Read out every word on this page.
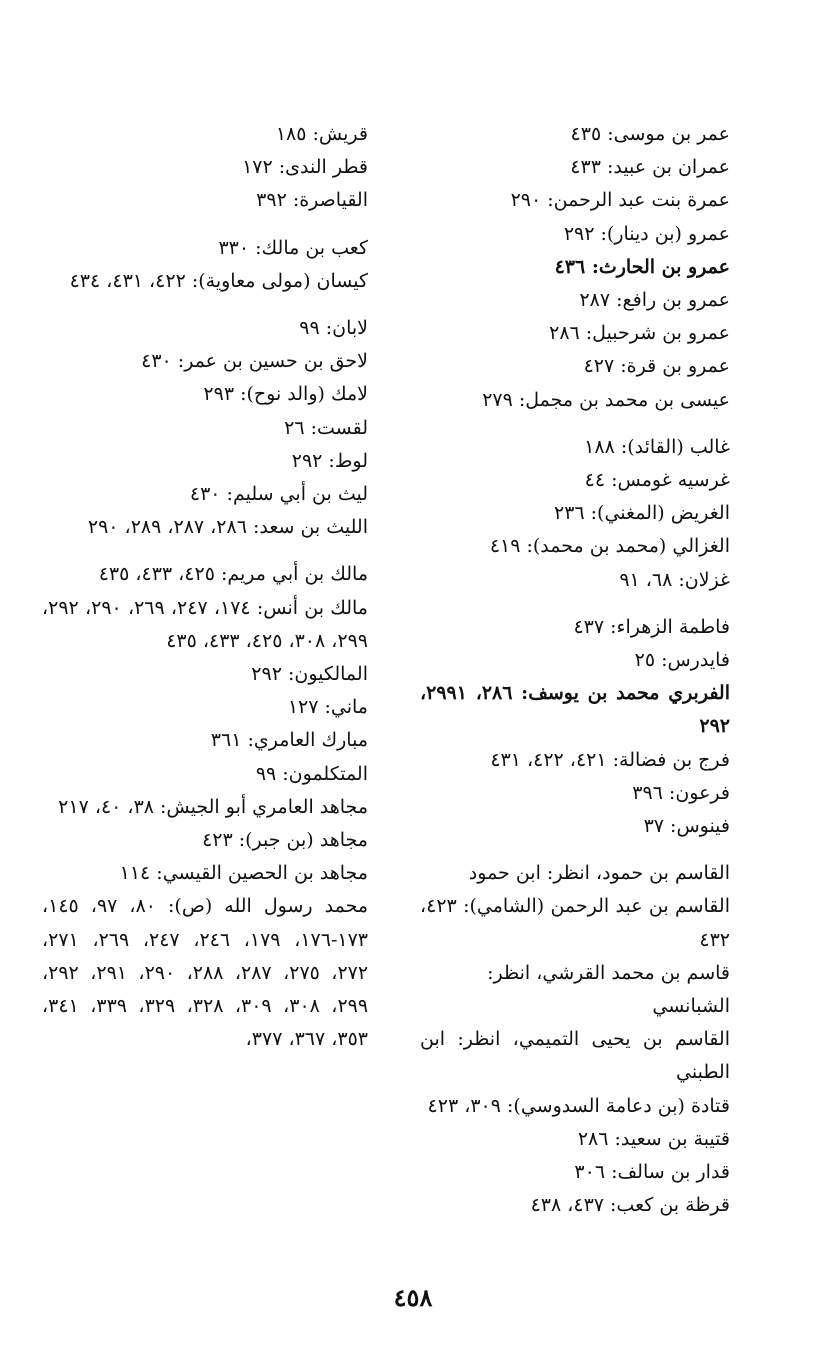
عمر بن موسى: ٤٣٥

عمران بن عبيد: ٤٣٣

عمرة بنت عبد الرحمن: ٢٩٠

عمرو (بن دينار): ٢٩٢

عمرو بن الحارث: ٤٣٦

عمرو بن رافع: ٢٨٧

عمرو بن شرحبيل: ٢٨٦

عمرو بن قرة: ٤٢٧

عيسى بن محمد بن مجمل: ٢٧٩

غالب (القائد): ١٨٨

غرسيه غومس: ٤٤

الغريض (المغني): ٢٣٦

الغزالي (محمد بن محمد): ٤١٩

غزلان: ٦٨، ٩١

فاطمة الزهراء: ٤٣٧

فايدرس: ٢٥

الفربري محمد بن يوسف: ٢٨٦، ٢٩٩١، ٢٩٢

فرج بن فضالة: ٤٢١، ٤٢٢، ٤٣١

فرعون: ٣٩٦

فينوس: ٣٧

القاسم بن حمود، انظر: ابن حمود

القاسم بن عبد الرحمن (الشامي): ٤٢٣، ٤٣٢

قاسم بن محمد القرشي، انظر: الشبانسي

القاسم بن يحيى التميمي، انظر: ابن الطبني

قتادة (بن دعامة السدوسي): ٣٠٩، ٤٢٣

قتيبة بن سعيد: ٢٨٦

قدار بن سالف: ٣٠٦

قرظة بن كعب: ٤٣٧، ٤٣٨

قريش: ١٨٥

قطر الندى: ١٧٢

القياصرة: ٣٩٢

كعب بن مالك: ٣٣٠

كيسان (مولى معاوية): ٤٢٢، ٤٣١، ٤٣٤

لابان: ٩٩

لاحق بن حسين بن عمر: ٤٣٠

لامك (والد نوح): ٢٩٣

لقست: ٢٦

لوط: ٢٩٢

ليث بن أبي سليم: ٤٣٠

الليث بن سعد: ٢٨٦، ٢٨٧، ٢٨٩، ٢٩٠

مالك بن أبي مريم: ٤٢٥، ٤٣٣، ٤٣٥

مالك بن أنس: ١٧٤، ٢٤٧، ٢٦٩، ٢٩٠، ٢٩٢، ٢٩٩، ٣٠٨، ٤٢٥، ٤٣٣، ٤٣٥

المالكيون: ٢٩٢

ماني: ١٢٧

مبارك العامري: ٣٦١

المتكلمون: ٩٩

مجاهد العامري أبو الجيش: ٣٨، ٤٠، ٢١٧

مجاهد (بن جبر): ٤٢٣

مجاهد بن الحصين القيسي: ١١٤

محمد رسول الله (ص): ٨٠، ٩٧، ١٤٥، ١٧٣-١٧٦، ١٧٩، ٢٤٦، ٢٤٧، ٢٦٩، ٢٧١، ٢٧٢، ٢٧٥، ٢٨٧، ٢٨٨، ٢٩٠، ٢٩١، ٢٩٢، ٢٩٩، ٣٠٨، ٣٠٩، ٣٢٨، ٣٢٩، ٣٣٩، ٣٤١، ٣٥٣، ٣٦٧، ٣٧٧،

٤٥٨
